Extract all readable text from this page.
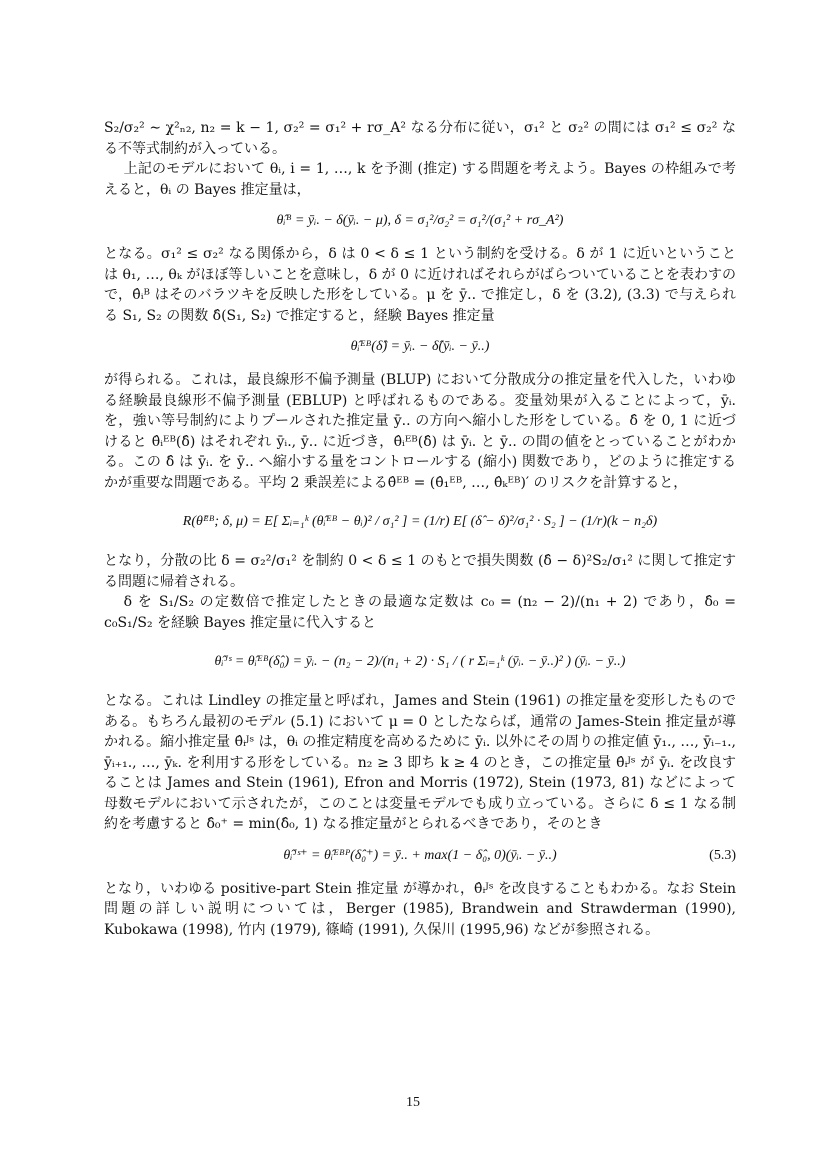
S₂/σ₂² ∼ χ²ₙ₂, n₂ = k − 1, σ₂² = σ₁² + rσ_A² なる分布に従い，σ₁² と σ₂² の間には σ₁² ≤ σ₂² なる不等式制約が入っている。

上記のモデルにおいて θᵢ, i = 1, …, k を予測 (推定) する問題を考えよう。Bayes の枠組みで考えると，θᵢ の Bayes 推定量は，

θ̂ᵢᴮ = ȳᵢ. − δ(ȳᵢ. − μ), δ = σ₁²/σ₂² = σ₁²/(σ₁² + rσ_A²)

となる。σ₁² ≤ σ₂² なる関係から，δ は 0 < δ ≤ 1 という制約を受ける。δ が 1 に近いということは θ₁, …, θₖ がほぼ等しいことを意味し，δ が 0 に近ければそれらがばらついていることを表わすので，θ̂ᵢᴮ はそのバラツキを反映した形をしている。μ を ȳ.. で推定し，δ を (3.2), (3.3) で与えられる S₁, S₂ の関数 δ̂(S₁, S₂) で推定すると，経験 Bayes 推定量

θ̂ᵢᴱᴮ(δ̂) = ȳᵢ. − δ̂(ȳᵢ. − ȳ..)

が得られる。これは，最良線形不偏予測量 (BLUP) において分散成分の推定量を代入した，いわゆる経験最良線形不偏予測量 (EBLUP) と呼ばれるものである。変量効果が入ることによって，ȳᵢ. を，強い等号制約によりプールされた推定量 ȳ.. の方向へ縮小した形をしている。δ̂ を 0, 1 に近づけると θ̂ᵢᴱᴮ(δ̂) はそれぞれ ȳᵢ., ȳ.. に近づき，θ̂ᵢᴱᴮ(δ̂) は ȳᵢ. と ȳ.. の間の値をとっていることがわかる。この δ̂ は ȳᵢ. を ȳ.. へ縮小する量をコントロールする (縮小) 関数であり，どのように推定するかが重要な問題である。平均 2 乗誤差によるθ̂ᴱᴮ = (θ̂₁ᴱᴮ, …, θ̂ₖᴱᴮ)′ のリスクを計算すると，

R(θ̂ᴱᴮ; δ, μ) = E[ Σᵢ₌₁ᵏ (θ̂ᵢᴱᴮ − θᵢ)² / σ₁² ] = (1/r) E[ (δ̂ − δ)²/σ₁² · S₂ ] − (1/r)(k − n₂δ)

となり，分散の比 δ = σ₂²/σ₁² を制約 0 < δ ≤ 1 のもとで損失関数 (δ̂ − δ)²S₂/σ₁² に関して推定する問題に帰着される。

δ を S₁/S₂ の定数倍で推定したときの最適な定数は c₀ = (n₂ − 2)/(n₁ + 2) であり，δ̂₀ = c₀S₁/S₂ を経験 Bayes 推定量に代入すると

θ̂ᵢᴶˢ = θ̂ᵢᴱᴮ(δ̂₀) = ȳᵢ. − (n₂ − 2)/(n₁ + 2) · S₁ / ( r Σᵢ₌₁ᵏ (ȳᵢ. − ȳ..)² ) (ȳᵢ. − ȳ..)

となる。これは Lindley の推定量と呼ばれ，James and Stein (1961) の推定量を変形したものである。もちろん最初のモデル (5.1) において μ = 0 としたならば，通常の James-Stein 推定量が導かれる。縮小推定量 θ̂ᵢᴶˢ は，θᵢ の推定精度を高めるために ȳᵢ. 以外にその周りの推定値 ȳ₁., …, ȳᵢ₋₁., ȳᵢ₊₁., …, ȳₖ. を利用する形をしている。n₂ ≥ 3 即ち k ≥ 4 のとき，この推定量 θ̂ᵢᴶˢ が ȳᵢ. を改良することは James and Stein (1961), Efron and Morris (1972), Stein (1973, 81) などによって母数モデルにおいて示されたが，このことは変量モデルでも成り立っている。さらに δ ≤ 1 なる制約を考慮すると δ̂₀⁺ = min(δ̂₀, 1) なる推定量がとられるべきであり，そのとき

θ̂ᵢᴶˢ⁺ = θ̂ᵢᴱᴮᴾ(δ̂₀⁺) = ȳ.. + max(1 − δ̂₀, 0)(ȳᵢ. − ȳ..)	(5.3)

となり，いわゆる positive-part Stein 推定量 が導かれ，θ̂ᵢᴶˢ を改良することもわかる。なお Stein 問題の詳しい説明については，Berger (1985), Brandwein and Strawderman (1990), Kubokawa (1998), 竹内 (1979), 篠崎 (1991), 久保川 (1995,96) などが参照される。

15
